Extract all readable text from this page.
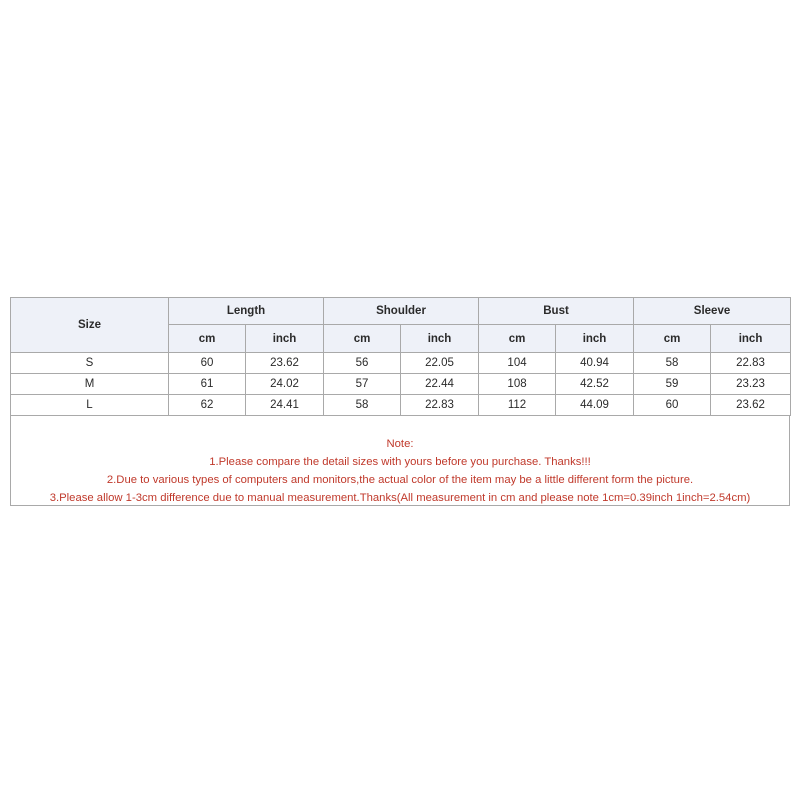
Size	Length		Shoulder		Bust		Sleeve	
	cm	inch	cm	inch	cm	inch	cm	inch
S	60	23.62	56	22.05	104	40.94	58	22.83
M	61	24.02	57	22.44	108	42.52	59	23.23
L	62	24.41	58	22.83	112	44.09	60	23.62
Note:
1.Please compare the detail sizes with yours before you purchase. Thanks!!!
2.Due to various types of computers and monitors,the actual color of the item may be a little different form the picture.
3.Please allow 1-3cm difference due to manual measurement.Thanks(All measurement in cm and please note 1cm=0.39inch 1inch=2.54cm)
